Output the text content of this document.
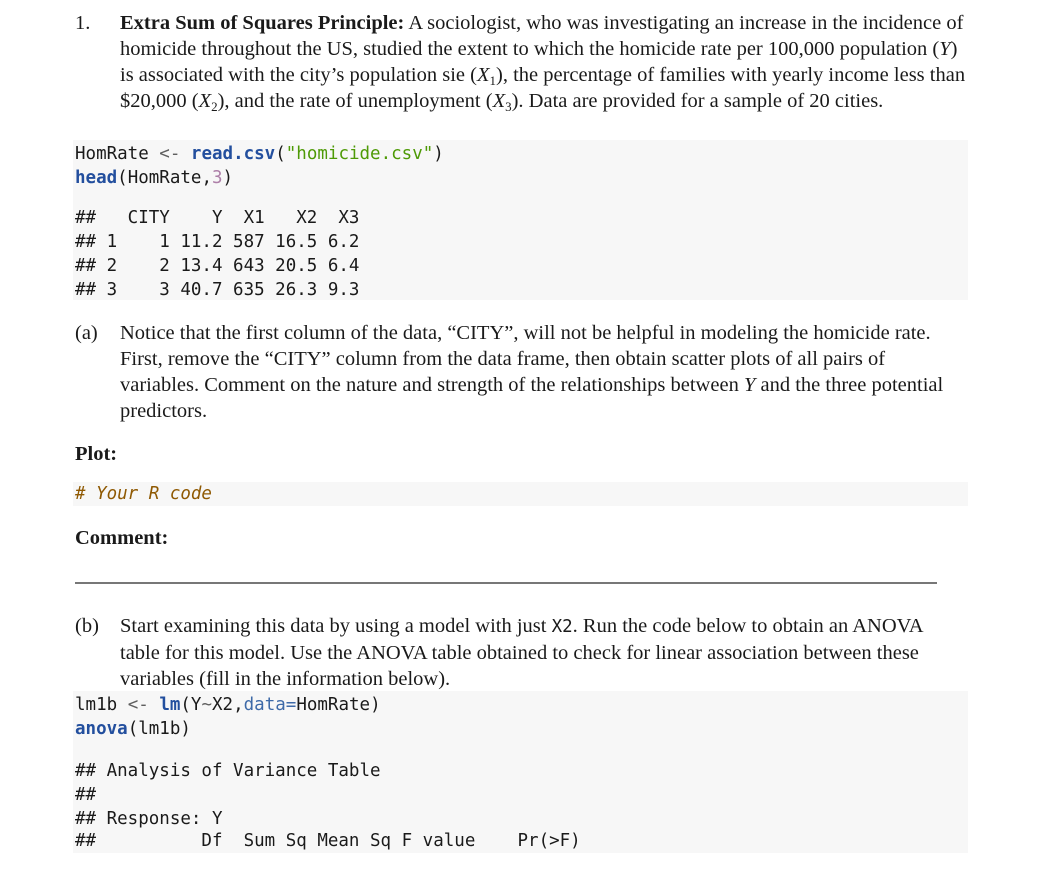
1. Extra Sum of Squares Principle: A sociologist, who was investigating an increase in the incidence of homicide throughout the US, studied the extent to which the homicide rate per 100,000 population (Y) is associated with the city’s population sie $(X_1)$, the percentage of families with yearly income less than $20,000 $(X_2)$, and the rate of unemployment $(X_3)$. Data are provided for a sample of 20 cities.
HomRate <- read.csv("homicide.csv")
head(HomRate,3)
##   CITY    Y  X1   X2  X3
## 1    1 11.2 587 16.5 6.2
## 2    2 13.4 643 20.5 6.4
## 3    3 40.7 635 26.3 9.3
(a) Notice that the first column of the data, “CITY”, will not be helpful in modeling the homicide rate. First, remove the “CITY” column from the data frame, then obtain scatter plots of all pairs of variables. Comment on the nature and strength of the relationships between Y and the three potential predictors.
Plot:
# Your R code
Comment:
(b) Start examining this data by using a model with just X2. Run the code below to obtain an ANOVA table for this model. Use the ANOVA table obtained to check for linear association between these variables (fill in the information below).
lm1b <- lm(Y~X2,data=HomRate)
anova(lm1b)
## Analysis of Variance Table
##
## Response: Y
##          Df  Sum Sq Mean Sq F value    Pr(>F)
